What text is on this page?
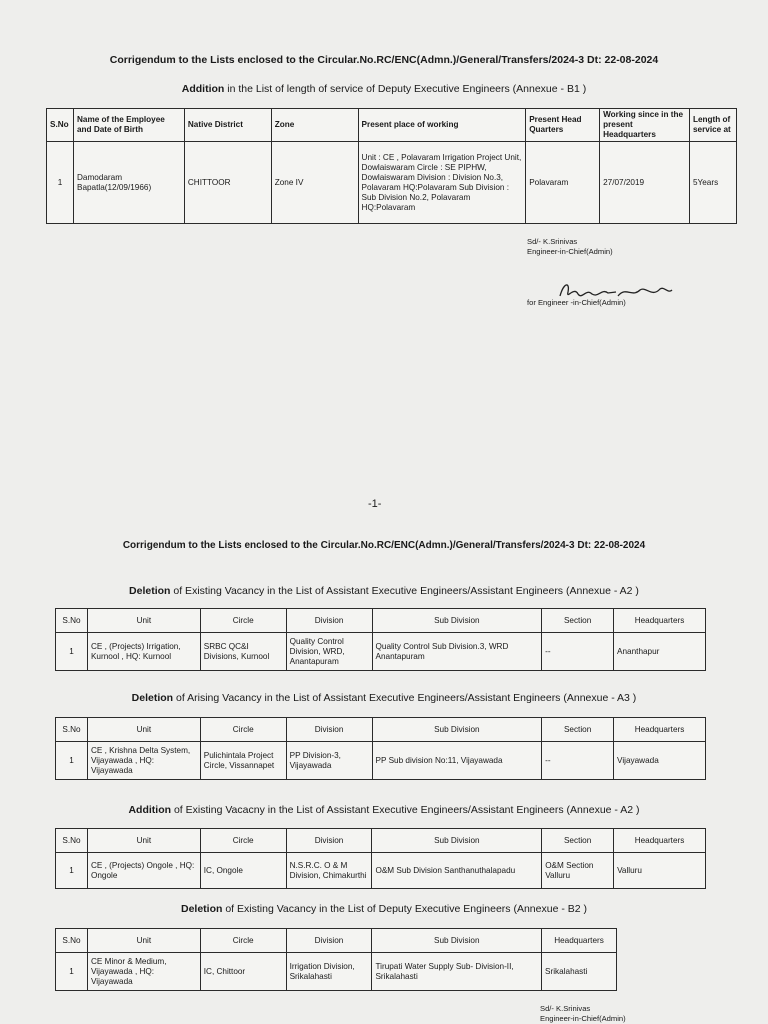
Corrigendum to the Lists enclosed to the Circular.No.RC/ENC(Admn.)/General/Transfers/2024-3 Dt: 22-08-2024
Addition in the List of length of service of Deputy Executive Engineers (Annexue - B1 )
S.No	Name of the Employee and Date of Birth	Native District	Zone	Present place of working	Present Head Quarters	Working since in the present Headquarters	Length of service at
1	Damodaram Bapatla(12/09/1966)	CHITTOOR	Zone IV	Unit : CE , Polavaram Irrigation Project Unit, Dowlaiswaram Circle : SE PIPHW, Dowlaiswaram Division : Division No.3, Polavaram HQ:Polavaram Sub Division : Sub Division No.2, Polavaram HQ:Polavaram	Polavaram	27/07/2019	5Years
Sd/- K.Srinivas
Engineer-in-Chief(Admin)
for Engineer -in-Chief(Admin)
-1-
Corrigendum to the Lists enclosed to the Circular.No.RC/ENC(Admn.)/General/Transfers/2024-3 Dt: 22-08-2024
Deletion of Existing Vacancy in the List of Assistant Executive Engineers/Assistant Engineers (Annexue - A2 )
S.No	Unit	Circle	Division	Sub Division	Section	Headquarters
1	CE , (Projects) Irrigation, Kurnool , HQ: Kurnool	SRBC QC&I Divisions, Kurnool	Quality Control Division, WRD, Anantapuram	Quality Control Sub Division.3, WRD Anantapuram	--	Ananthapur
Deletion of Arising Vacancy in the List of Assistant Executive Engineers/Assistant Engineers (Annexue - A3 )
S.No	Unit	Circle	Division	Sub Division	Section	Headquarters
1	CE , Krishna Delta System, Vijayawada , HQ: Vijayawada	Pulichintala Project Circle, Vissannapet	PP Division-3, Vijayawada	PP Sub division No:11, Vijayawada	--	Vijayawada
Addition of Existing Vacacny in the List of Assistant Executive Engineers/Assistant Engineers (Annexue - A2 )
S.No	Unit	Circle	Division	Sub Division	Section	Headquarters
1	CE , (Projects) Ongole , HQ: Ongole	IC, Ongole	N.S.R.C. O & M Division, Chimakurthi	O&M Sub Division Santhanuthalapadu	O&M Section Valluru	Valluru
Deletion of Existing Vacancy in the List of Deputy Executive Engineers (Annexue - B2 )
S.No	Unit	Circle	Division	Sub Division	Headquarters
1	CE Minor & Medium, Vijayawada , HQ: Vijayawada	IC, Chittoor	Irrigation Division, Srikalahasti	Tirupati Water Supply Sub- Division-II, Srikalahasti	Srikalahasti
Sd/- K.Srinivas
Engineer-in-Chief(Admin)
